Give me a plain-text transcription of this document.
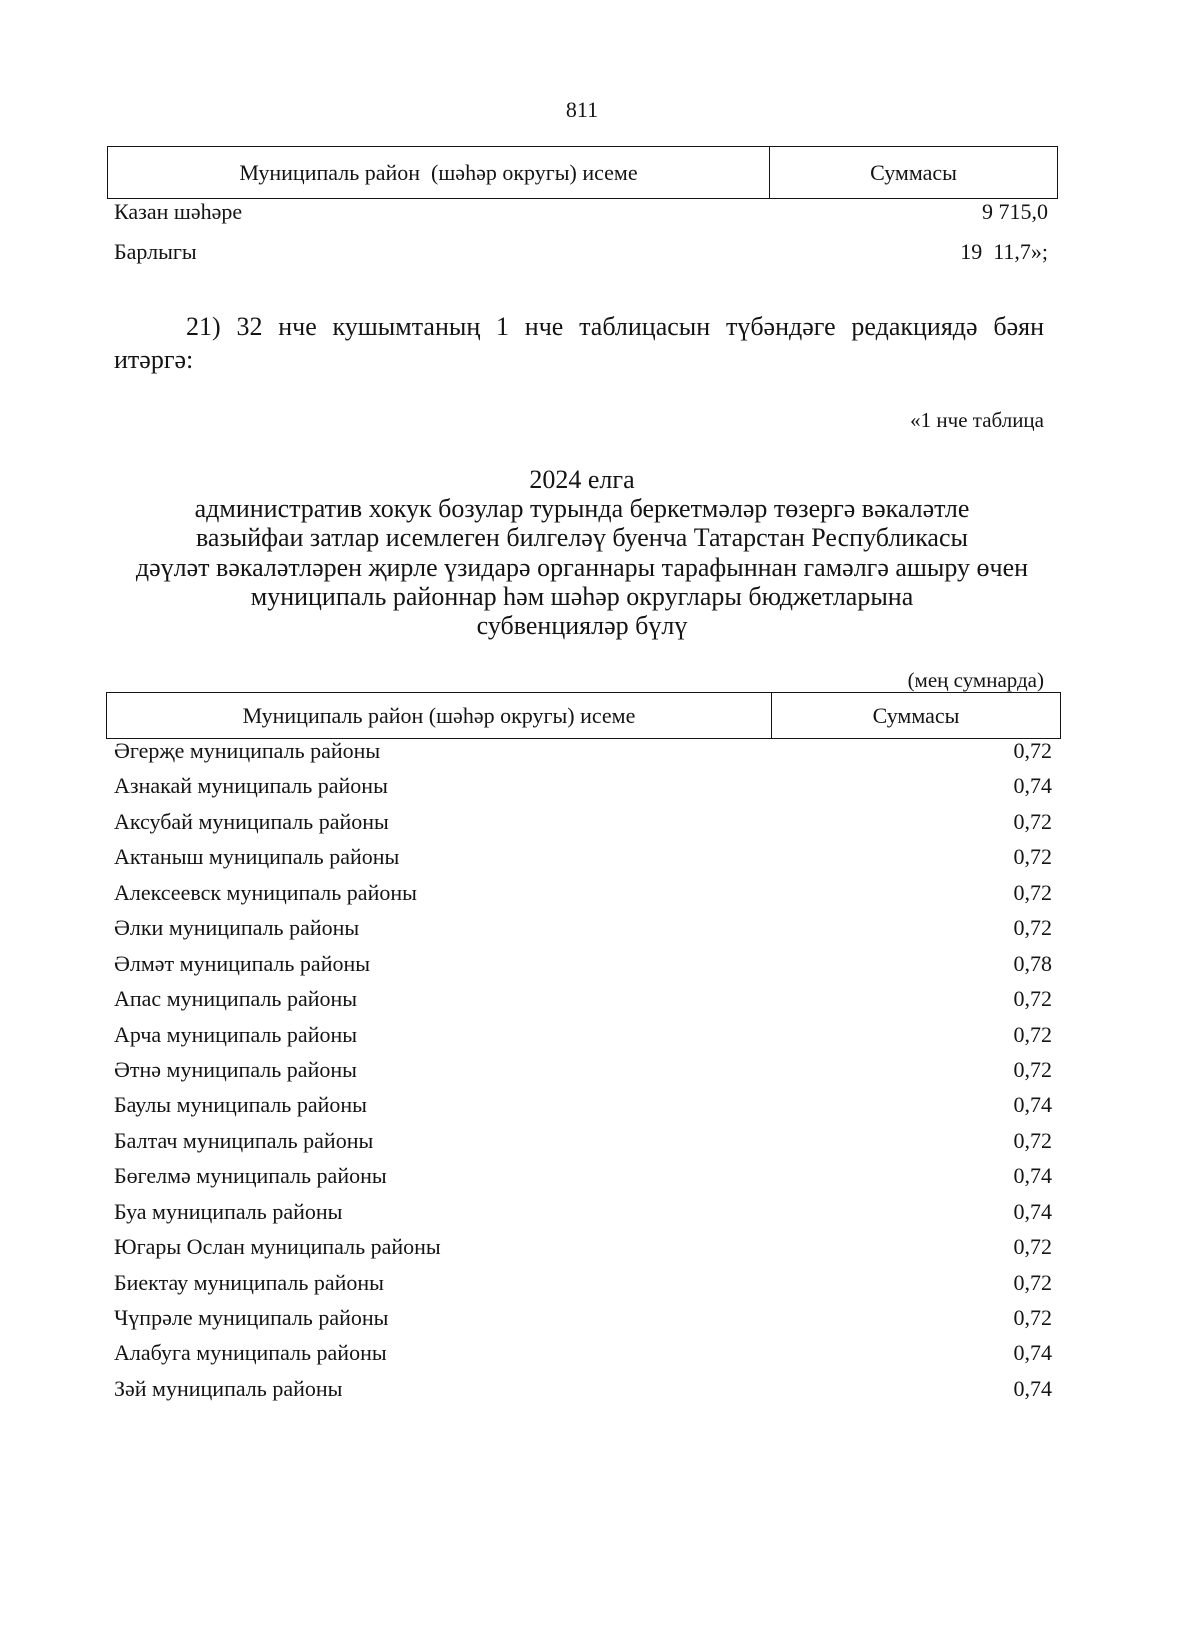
811
Муниципаль район  (шәһәр округы) исеме	Суммасы
Казан шәһәре	9 715,0
Барлыгы	19  11,7»;
21) 32 нче кушымтаның 1 нче таблицасын түбәндәге редакциядә бәян
итәргә:
«1 нче таблица
2024 елга
административ хокук бозулар турында беркетмәләр төзергә вәкаләтле
вазыйфаи затлар исемлеген билгеләү буенча Татарстан Республикасы
дәүләт вәкаләтләрен җирле үзидарә органнары тарафыннан гамәлгә ашыру өчен
муниципаль районнар һәм шәһәр округлары бюджетларына
субвенцияләр бүлү
(мең сумнарда)
Муниципаль район (шәһәр округы) исеме	Суммасы
Әгерҗе муниципаль районы	0,72
Азнакай муниципаль районы	0,74
Аксубай муниципаль районы	0,72
Актаныш муниципаль районы	0,72
Алексеевск муниципаль районы	0,72
Әлки муниципаль районы	0,72
Әлмәт муниципаль районы	0,78
Апас муниципаль районы	0,72
Арча муниципаль районы	0,72
Әтнә муниципаль районы	0,72
Баулы муниципаль районы	0,74
Балтач муниципаль районы	0,72
Бөгелмә муниципаль районы	0,74
Буа муниципаль районы	0,74
Югары Ослан муниципаль районы	0,72
Биектау муниципаль районы	0,72
Чүпрәле муниципаль районы	0,72
Алабуга муниципаль районы	0,74
Зәй муниципаль районы	0,74
